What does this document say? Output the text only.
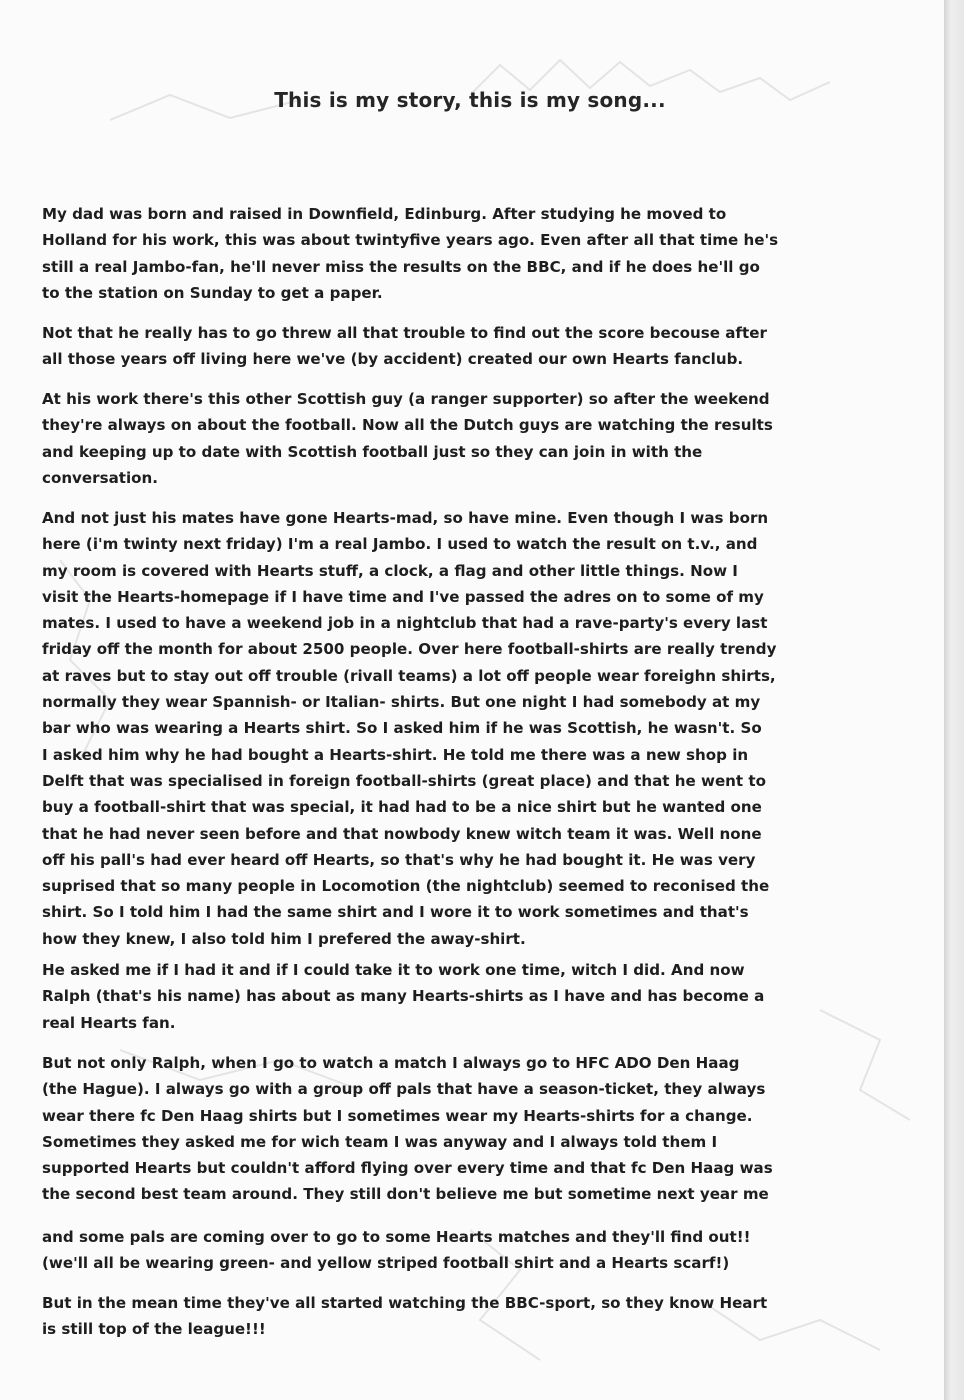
This is my story, this is my song...

My dad was born and raised in Downfield, Edinburg. After studying he moved to
Holland for his work, this was about twintyfive years ago. Even after all that time he's
still a real Jambo-fan, he'll never miss the results on the BBC, and if he does he'll go
to the station on Sunday to get a paper.

Not that he really has to go threw all that trouble to find out the score becouse after
all those years off living here we've (by accident) created our own Hearts fanclub.

At his work there's this other Scottish guy (a ranger supporter) so after the weekend
they're always on about the football. Now all the Dutch guys are watching the results
and keeping up to date with Scottish football just so they can join in with the
conversation.

And not just his mates have gone Hearts-mad, so have mine. Even though I was born
here (i'm twinty next friday) I'm a real Jambo. I used to watch the result on t.v., and
my room is covered with Hearts stuff, a clock, a flag and other little things. Now I
visit the Hearts-homepage if I have time and I've passed the adres on to some of my
mates. I used to have a weekend job in a nightclub that had a rave-party's every last
friday off the month for about 2500 people. Over here football-shirts are really trendy
at raves but to stay out off trouble (rivall teams) a lot off people wear foreighn shirts,
normally they wear Spannish- or Italian- shirts. But one night I had somebody at my
bar who was wearing a Hearts shirt. So I asked him if he was Scottish, he wasn't. So
I asked him why he had bought a Hearts-shirt. He told me there was a new shop in
Delft that was specialised in foreign football-shirts (great place) and that he went to
buy a football-shirt that was special, it had had to be a nice shirt but he wanted one
that he had never seen before and that nowbody knew witch team it was. Well none
off his pall's had ever heard off Hearts, so that's why he had bought it. He was very
suprised that so many people in Locomotion (the nightclub) seemed to reconised the
shirt. So I told him I had the same shirt and I wore it to work sometimes and that's
how they knew, I also told him I prefered the away-shirt.

He asked me if I had it and if I could take it to work one time, witch I did. And now
Ralph (that's his name) has about as many Hearts-shirts as I have and has become a
real Hearts fan.

But not only Ralph, when I go to watch a match I always go to HFC ADO Den Haag
(the Hague). I always go with a group off pals that have a season-ticket, they always
wear there fc Den Haag shirts but I sometimes wear my Hearts-shirts for a change.
Sometimes they asked me for wich team I was anyway and I always told them I
supported Hearts but couldn't afford flying over every time and that fc Den Haag was
the second best team around. They still don't believe me but sometime next year me

and some pals are coming over to go to some Hearts matches and they'll find out!!
(we'll all be wearing green- and yellow striped football shirt and a Hearts scarf!)

But in the mean time they've all started watching the BBC-sport, so they know Heart
is still top of the league!!!
